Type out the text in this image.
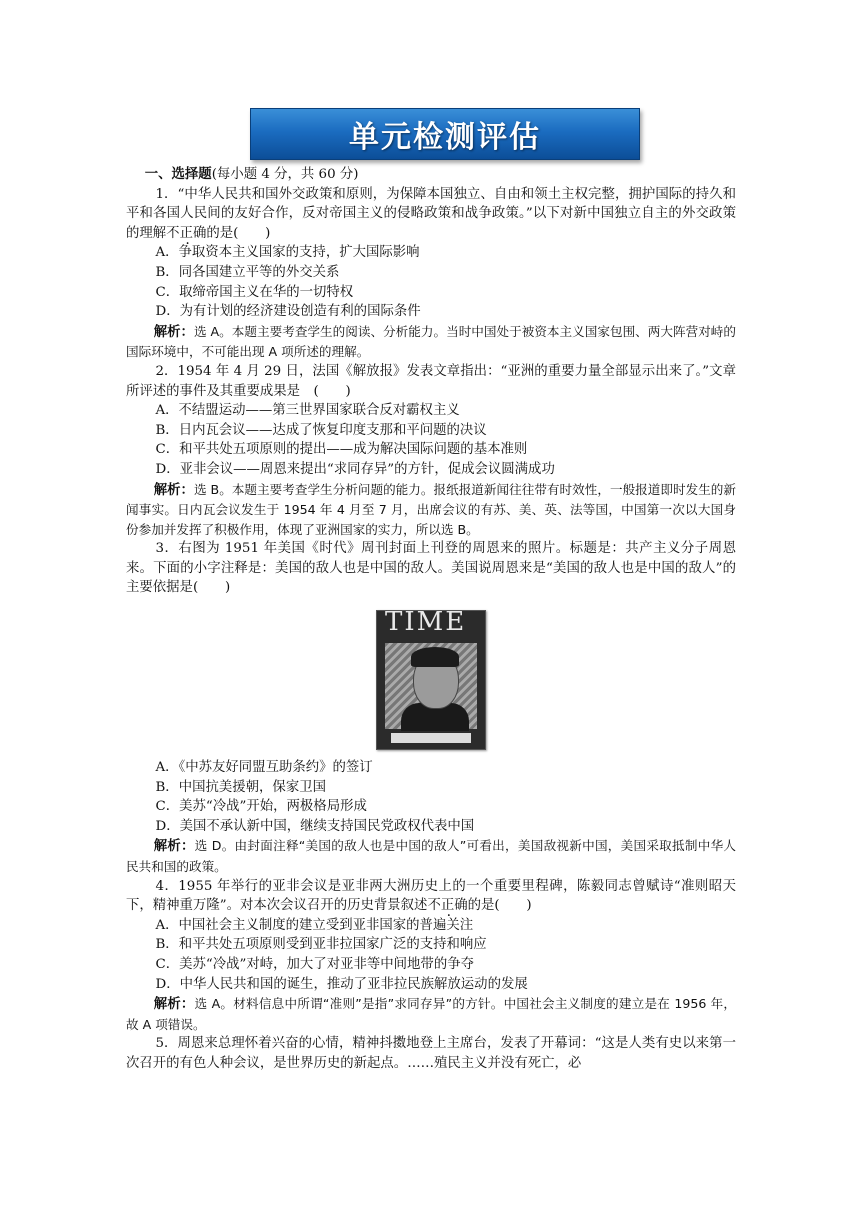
单元检测评估

一、选择题(每小题 4 分，共 60 分)

1．“中华人民共和国外交政策和原则，为保障本国独立、自由和领土主权完整，拥护国际的持久和平和各国人民间的友好合作，反对帝国主义的侵略政策和战争政策。”以下对新中国独立自主的外交政策的理解不正确的是(　　)

A．争取资本主义国家的支持，扩大国际影响

B．同各国建立平等的外交关系

C．取缔帝国主义在华的一切特权

D．为有计划的经济建设创造有利的国际条件

解析：选 A。本题主要考查学生的阅读、分析能力。当时中国处于被资本主义国家包围、两大阵营对峙的国际环境中，不可能出现 A 项所述的理解。

2．1954 年 4 月 29 日，法国《解放报》发表文章指出：“亚洲的重要力量全部显示出来了。”文章所评述的事件及其重要成果是　(　　)

A．不结盟运动——第三世界国家联合反对霸权主义

B．日内瓦会议——达成了恢复印度支那和平问题的决议

C．和平共处五项原则的提出——成为解决国际问题的基本准则

D．亚非会议——周恩来提出“求同存异”的方针，促成会议圆满成功

解析：选 B。本题主要考查学生分析问题的能力。报纸报道新闻往往带有时效性，一般报道即时发生的新闻事实。日内瓦会议发生于 1954 年 4 月至 7 月，出席会议的有苏、美、英、法等国，中国第一次以大国身份参加并发挥了积极作用，体现了亚洲国家的实力，所以选 B。

3．右图为 1951 年美国《时代》周刊封面上刊登的周恩来的照片。标题是：共产主义分子周恩来。下面的小字注释是：美国的敌人也是中国的敌人。美国说周恩来是“美国的敌人也是中国的敌人”的主要依据是(　　)

TIME

A．《中苏友好同盟互助条约》的签订

B．中国抗美援朝，保家卫国

C．美苏“冷战”开始，两极格局形成

D．美国不承认新中国，继续支持国民党政权代表中国

解析：选 D。由封面注释“美国的敌人也是中国的敌人”可看出，美国敌视新中国，美国采取抵制中华人民共和国的政策。

4．1955 年举行的亚非会议是亚非两大洲历史上的一个重要里程碑，陈毅同志曾赋诗“准则昭天下，精神重万隆”。对本次会议召开的历史背景叙述不正确的是(　　)

A．中国社会主义制度的建立受到亚非国家的普遍关注

B．和平共处五项原则受到亚非拉国家广泛的支持和响应

C．美苏“冷战”对峙，加大了对亚非等中间地带的争夺

D．中华人民共和国的诞生，推动了亚非拉民族解放运动的发展

解析：选 A。材料信息中所谓“准则”是指”求同存异”的方针。中国社会主义制度的建立是在 1956 年，故 A 项错误。

5．周恩来总理怀着兴奋的心情，精神抖擞地登上主席台，发表了开幕词：“这是人类有史以来第一次召开的有色人种会议，是世界历史的新起点。……殖民主义并没有死亡，必
